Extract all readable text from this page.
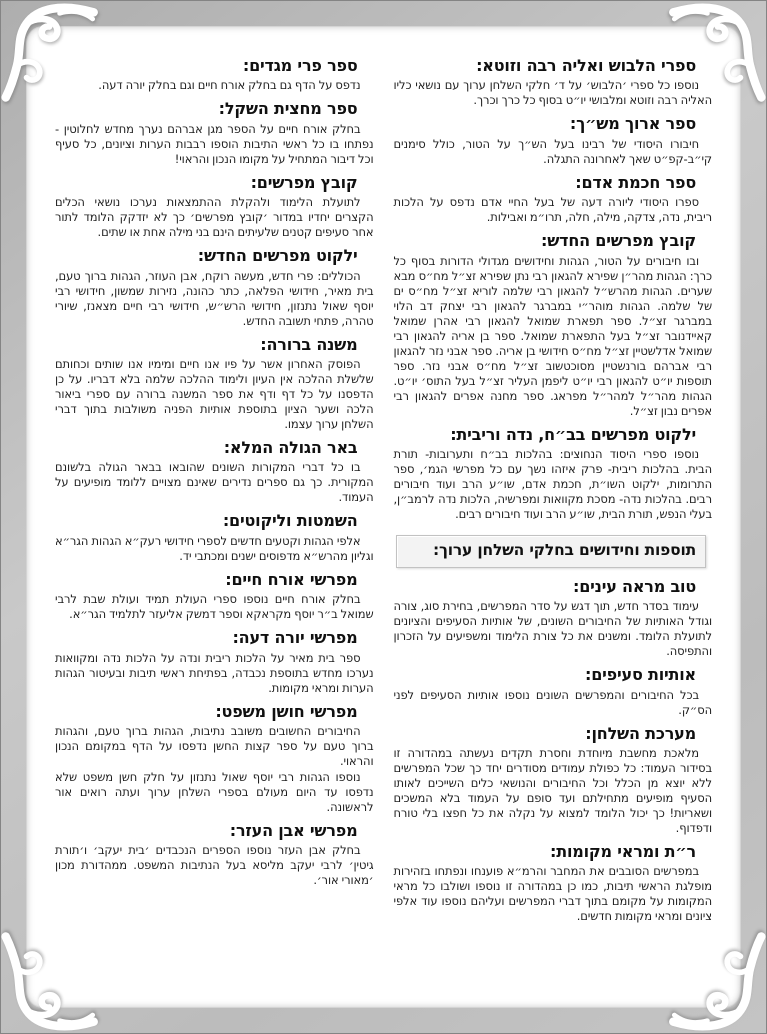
ספרי הלבוש ואליה רבה וזוטא:

נוספו כל ספרי ׳הלבוש׳ על ד׳ חלקי השלחן ערוך עם נושאי כליו האליה רבה וזוטא ומלבושי יו״ט בסוף כל כרך וכרך.

ספר ארוך מש״ך:

חיבורו היסודי של רבינו בעל הש״ך על הטור, כולל סימנים קי״ב-קפ״ט שאך לאחרונה התגלה.

ספר חכמת אדם:

ספרו היסודי ליורה דעה של בעל החיי אדם נדפס על הלכות ריבית, נדה, צדקה, מילה, חלה, תרו״מ ואבילות.

קובץ מפרשים החדש:

ובו חיבורים על הטור, הגהות וחידושים מגדולי הדורות בסוף כל כרך: הגהות מהר״ן שפירא להגאון רבי נתן שפירא זצ״ל מח״ס מבא שערים. הגהות מהרש״ל להגאון רבי שלמה לוריא זצ״ל מח״ס ים של שלמה. הגהות מוהר״י במברגר להגאון רבי יצחק דב הלוי במברגר זצ״ל. ספר תפארת שמואל להגאון רבי אהרן שמואל קאיידנובר זצ״ל בעל התפארת שמואל. ספר בן אריה להגאון רבי שמואל אדלשטיין זצ״ל מח״ס חידושי בן אריה. ספר אבני נזר להגאון רבי אברהם בורנשטיין מסוכטשוב זצ״ל מח״ס אבני נזר. ספר תוספות יו״ט להגאון רבי יו״ט ליפמן העליר זצ״ל בעל התוס׳ יו״ט. הגהות מהר״ל למהר״ל מפראג. ספר מחנה אפרים להגאון רבי אפרים נבון זצ״ל.

ילקוט מפרשים בב״ח, נדה וריבית:

נוספו ספרי היסוד הנחוצים: בהלכות בב״ח ותערובות- תורת הבית. בהלכות ריבית- פרק איזהו נשך עם כל מפרשי הגמ׳, ספר התרומות, ילקוט השו״ת, חכמת אדם, שו״ע הרב ועוד חיבורים רבים. בהלכות נדה- מסכת מקוואות ומפרשיה, הלכות נדה לרמב״ן, בעלי הנפש, תורת הבית, שו״ע הרב ועוד חיבורים רבים.

תוספות וחידושים בחלקי השלחן ערוך:
טוב מראה עינים:

עימוד בסדר חדש, תוך דגש על סדר המפרשים, בחירת סוג, צורה וגודל האותיות של החיבורים השונים, של אותיות הסעיפים והציונים לתועלת הלומד. ומשנים את כל צורת הלימוד ומשפיעים על הזכרון והתפיסה.

אותיות סעיפים:

בכל החיבורים והמפרשים השונים נוספו אותיות הסעיפים לפני הס״ק.

מערכת השלחן:

מלאכת מחשבת מיוחדת וחסרת תקדים נעשתה במהדורה זו בסידור העמוד: כל כפולת עמודים מסודרים יחד כך שכל המפרשים ללא יוצא מן הכלל וכל החיבורים והנושאי כלים השייכים לאותו הסעיף מופיעים מתחילתם ועד סופם על העמוד בלא המשכים ושאריות! כך יכול הלומד למצוא על נקלה את כל חפצו בלי טורח ודפדוף.

ר״ת ומראי מקומות:

במפרשים הסובבים את המחבר והרמ״א פוענחו ונפתחו בזהירות מופלגת הראשי תיבות, כמו כן במהדורה זו נוספו ושולבו כל מראי המקומות על מקומם בתוך דברי המפרשים ועליהם נוספו עוד אלפי ציונים ומראי מקומות חדשים.

ספר פרי מגדים:

נדפס על הדף גם בחלק אורח חיים וגם בחלק יורה דעה.

ספר מחצית השקל:

בחלק אורח חיים על הספר מגן אברהם נערך מחדש לחלוטין - נפתחו בו כל ראשי התיבות הוספו רבבות הערות וציונים, כל סעיף וכל דיבור המתחיל על מקומו הנכון והראוי!

קובץ מפרשים:

לתועלת הלימוד ולהקלת ההתמצאות נערכו נושאי הכלים הקצרים יחדיו במדור ׳קובץ מפרשים׳ כך לא יזדקק הלומד לתור אחר סעיפים קטנים שלעיתים הינם בני מילה אחת או שתים.

ילקוט מפרשים החדש:

הכוללים: פרי חדש, מעשה רוקח, אבן העוזר, הגהות ברוך טעם, בית מאיר, חידושי הפלאה, כתר כהונה, נזירות שמשון, חידושי רבי יוסף שאול נתנזון, חידושי הרש״ש, חידושי רבי חיים מצאנז, שיורי טהרה, פתחי תשובה החדש.

משנה ברורה:

הפוסק האחרון אשר על פיו אנו חיים ומימיו אנו שותים וכחותם שלשלת ההלכה אין העיון ולימוד ההלכה שלמה בלא דבריו. על כן הדפסנו על כל דף ודף את ספר המשנה ברורה עם ספרי ביאור הלכה ושער הציון בתוספת אותיות הפניה משולבות בתוך דברי השלחן ערוך עצמו.

באר הגולה המלא:

בו כל דברי המקורות השונים שהובאו בבאר הגולה בלשונם המקורית. כך גם ספרים נדירים שאינם מצויים ללומד מופיעים על העמוד.

השמטות וליקוטים:

אלפי הגהות וקטעים חדשים לספרי חידושי רעק״א הגהות הגר״א וגליון מהרש״א מדפוסים ישנים ומכתבי יד.

מפרשי אורח חיים:

בחלק אורח חיים נוספו ספרי העולת תמיד ועולת שבת לרבי שמואל ב״ר יוסף מקראקא וספר דמשק אליעזר לתלמיד הגר״א.

מפרשי יורה דעה:

ספר בית מאיר על הלכות ריבית ונדה על הלכות נדה ומקוואות נערכו מחדש בתוספת נכבדה, בפתיחת ראשי תיבות ובעיטור הגהות הערות ומראי מקומות.

מפרשי חושן משפט:

החיבורים החשובים משובב נתיבות, הגהות ברוך טעם, והגהות ברוך טעם על ספר קצות החשן נדפסו על הדף במקומם הנכון והראוי.

נוספו הגהות רבי יוסף שאול נתנזון על חלק חשן משפט שלא נדפסו עד היום מעולם בספרי השלחן ערוך ועתה רואים אור לראשונה.

מפרשי אבן העזר:

בחלק אבן העזר נוספו הספרים הנכבדים ׳בית יעקב׳ ו׳תורת גיטין׳ לרבי יעקב מליסא בעל הנתיבות המשפט. ממהדורת מכון ׳מאורי אור׳.
